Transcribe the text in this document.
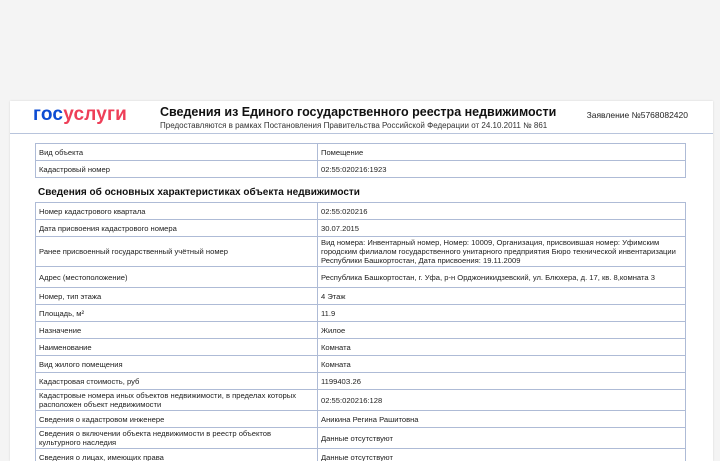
госуслуги	Сведения из Единого государственного реестра недвижимости
Предоставляются в рамках Постановления Правительства Российской Федерации от 24.10.2011 № 861
Заявление №5768082420
Вид объекта	Помещение
Кадастровый номер	02:55:020216:1923
Сведения об основных характеристиках объекта недвижимости
Номер кадастрового квартала	02:55:020216
Дата присвоения кадастрового номера	30.07.2015
Ранее присвоенный государственный учётный номер	Вид номера: Инвентарный номер, Номер: 10009, Организация, присвоившая номер: Уфимским городским филиалом государственного унитарного предприятия Бюро технической инвентаризации Республики Башкортостан, Дата присвоения: 19.11.2009
Адрес (местоположение)	Республика Башкортостан, г. Уфа, р-н Орджоникидзевский, ул. Блюхера, д. 17, кв. 8,комната 3
Номер, тип этажа	4 Этаж
Площадь, м²	11.9
Назначение	Жилое
Наименование	Комната
Вид жилого помещения	Комната
Кадастровая стоимость, руб	119940З.26
Кадастровые номера иных объектов недвижимости, в пределах которых расположен объект недвижимости	02:55:020216:128
Сведения о кадастровом инженере	Аникина Регина Рашитовна
Сведения о включении объекта недвижимости в реестр объектов культурного наследия	Данные отсутствуют
Сведения о лицах, имеющих права	Данные отсутствуют
